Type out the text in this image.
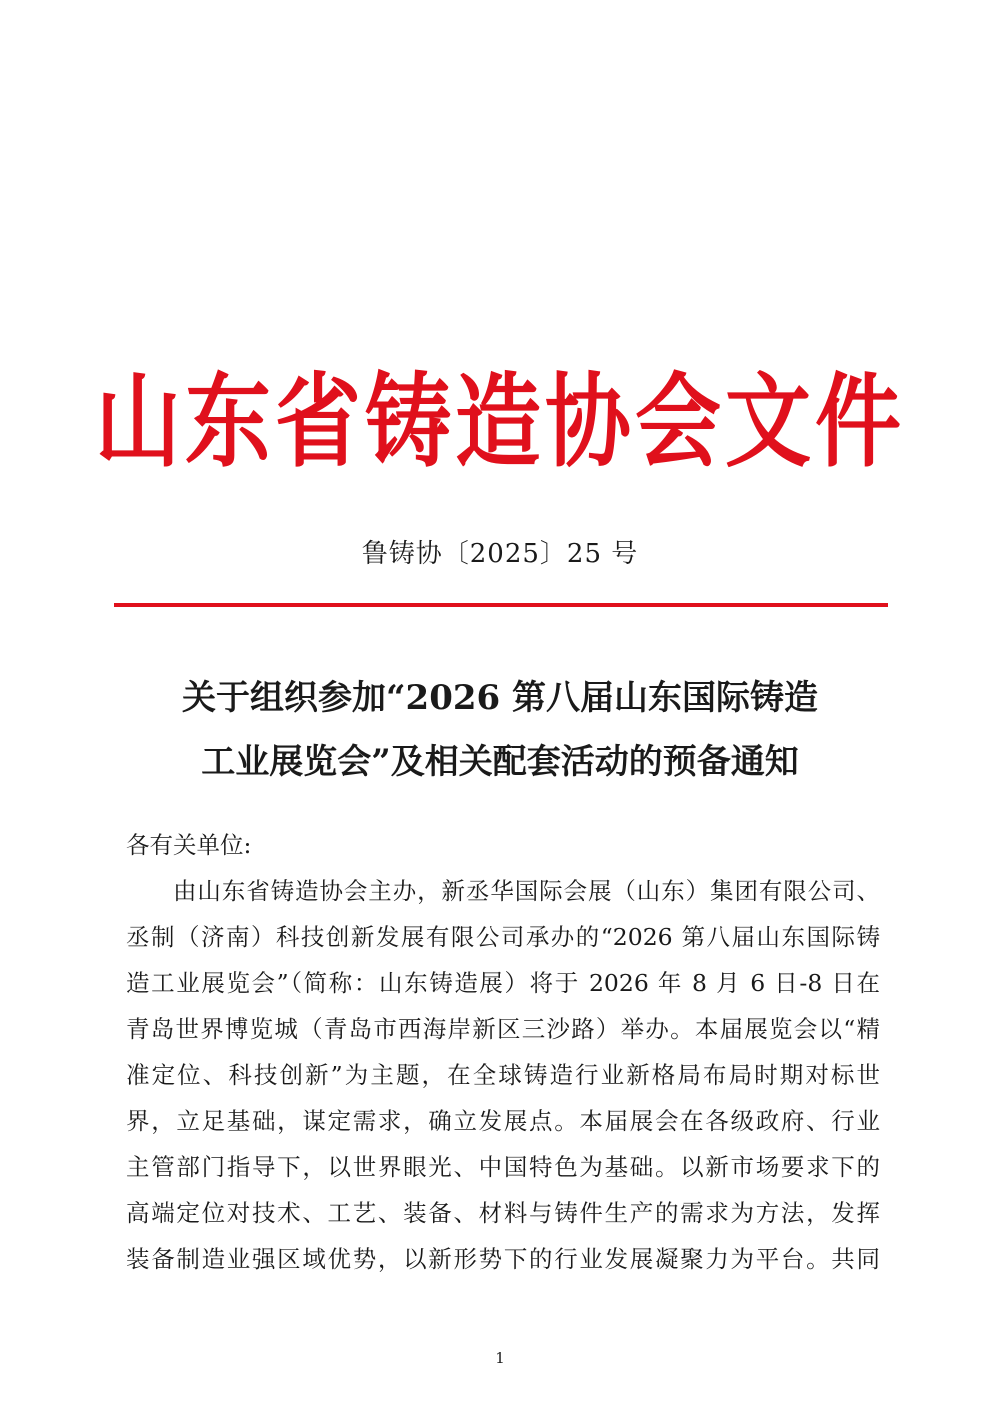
山东省铸造协会文件
鲁铸协〔2025〕25 号
关于组织参加“2026 第八届山东国际铸造
工业展览会”及相关配套活动的预备通知
各有关单位:
由山东省铸造协会主办，新丞华国际会展（山东）集团有限公司、
丞制（济南）科技创新发展有限公司承办的“2026 第八届山东国际铸
造工业展览会”（简称：山东铸造展）将于 2026 年 8 月 6 日-8 日在
青岛世界博览城（青岛市西海岸新区三沙路）举办。本届展览会以“精
准定位、科技创新”为主题，在全球铸造行业新格局布局时期对标世
界，立足基础，谋定需求，确立发展点。本届展会在各级政府、行业
主管部门指导下，以世界眼光、中国特色为基础。以新市场要求下的
高端定位对技术、工艺、装备、材料与铸件生产的需求为方法，发挥
装备制造业强区域优势，以新形势下的行业发展凝聚力为平台。共同
1
